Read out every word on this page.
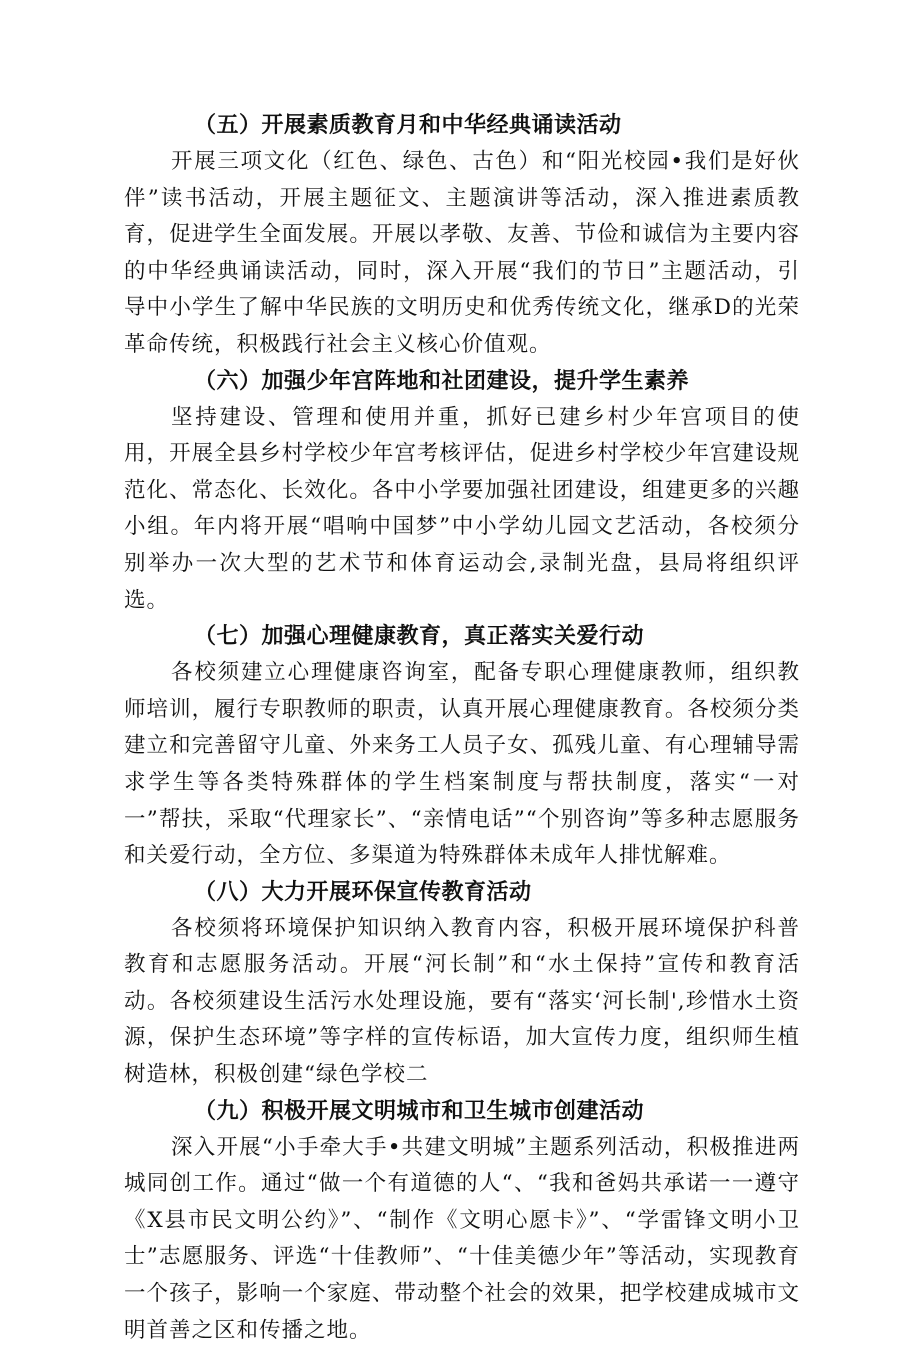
（五）开展素质教育月和中华经典诵读活动

开展三项文化（红色、绿色、古色）和“阳光校园•我们是好伙伴”读书活动，开展主题征文、主题演讲等活动，深入推进素质教育，促进学生全面发展。开展以孝敬、友善、节俭和诚信为主要内容的中华经典诵读活动，同时，深入开展“我们的节日”主题活动，引导中小学生了解中华民族的文明历史和优秀传统文化，继承D的光荣革命传统，积极践行社会主义核心价值观。

（六）加强少年宫阵地和社团建设，提升学生素养

坚持建设、管理和使用并重，抓好已建乡村少年宫项目的使用，开展全县乡村学校少年宫考核评估，促进乡村学校少年宫建设规范化、常态化、长效化。各中小学要加强社团建设，组建更多的兴趣小组。年内将开展“唱响中国梦”中小学幼儿园文艺活动，各校须分别举办一次大型的艺术节和体育运动会,录制光盘，县局将组织评选。

（七）加强心理健康教育，真正落实关爱行动

各校须建立心理健康咨询室，配备专职心理健康教师，组织教师培训，履行专职教师的职责，认真开展心理健康教育。各校须分类建立和完善留守儿童、外来务工人员子女、孤残儿童、有心理辅导需求学生等各类特殊群体的学生档案制度与帮扶制度，落实“一对一”帮扶，采取“代理家长”、“亲情电话”“个别咨询”等多种志愿服务和关爱行动，全方位、多渠道为特殊群体未成年人排忧解难。

（八）大力开展环保宣传教育活动

各校须将环境保护知识纳入教育内容，积极开展环境保护科普教育和志愿服务活动。开展“河长制”和“水土保持”宣传和教育活动。各校须建设生活污水处理设施，要有“落实‘河长制',珍惜水土资源，保护生态环境”等字样的宣传标语，加大宣传力度，组织师生植树造林，积极创建“绿色学校二

（九）积极开展文明城市和卫生城市创建活动

深入开展“小手牵大手•共建文明城”主题系列活动，积极推进两城同创工作。通过“做一个有道德的人“、“我和爸妈共承诺一一遵守《X县市民文明公约》”、“制作《文明心愿卡》”、“学雷锋文明小卫士”志愿服务、评选“十佳教师”、“十佳美德少年”等活动，实现教育一个孩子，影响一个家庭、带动整个社会的效果，把学校建成城市文明首善之区和传播之地。
